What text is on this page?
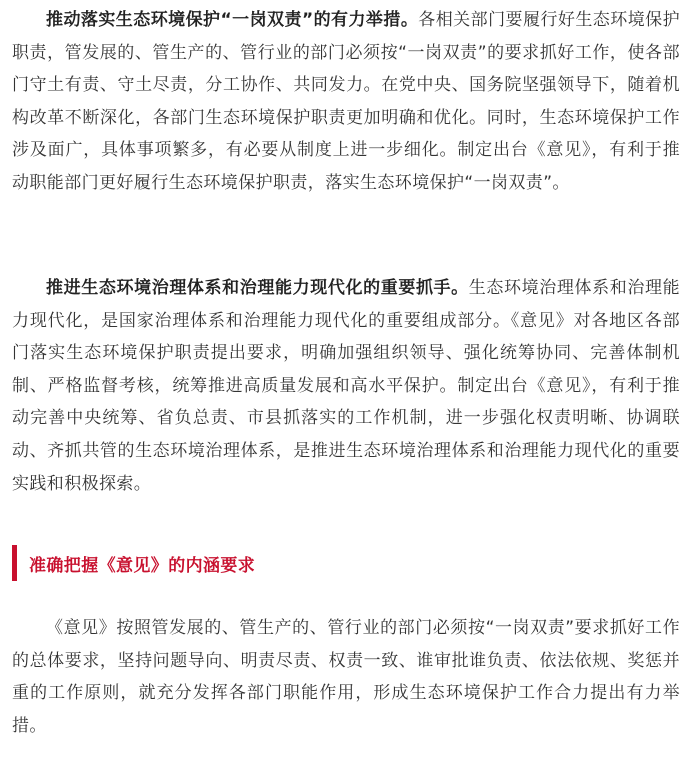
推动落实生态环境保护“一岗双责”的有力举措。各相关部门要履行好生态环境保护职责，管发展的、管生产的、管行业的部门必须按“一岗双责”的要求抓好工作，使各部门守土有责、守土尽责，分工协作、共同发力。在党中央、国务院坚强领导下，随着机构改革不断深化，各部门生态环境保护职责更加明确和优化。同时，生态环境保护工作涉及面广，具体事项繁多，有必要从制度上进一步细化。制定出台《意见》，有利于推动职能部门更好履行生态环境保护职责，落实生态环境保护“一岗双责”。

推进生态环境治理体系和治理能力现代化的重要抓手。生态环境治理体系和治理能力现代化，是国家治理体系和治理能力现代化的重要组成部分。《意见》对各地区各部门落实生态环境保护职责提出要求，明确加强组织领导、强化统筹协同、完善体制机制、严格监督考核，统筹推进高质量发展和高水平保护。制定出台《意见》，有利于推动完善中央统筹、省负总责、市县抓落实的工作机制，进一步强化权责明晰、协调联动、齐抓共管的生态环境治理体系，是推进生态环境治理体系和治理能力现代化的重要实践和积极探索。

准确把握《意见》的内涵要求

《意见》按照管发展的、管生产的、管行业的部门必须按“一岗双责”要求抓好工作的总体要求，坚持问题导向、明责尽责、权责一致、谁审批谁负责、依法依规、奖惩并重的工作原则，就充分发挥各部门职能作用，形成生态环境保护工作合力提出有力举措。
